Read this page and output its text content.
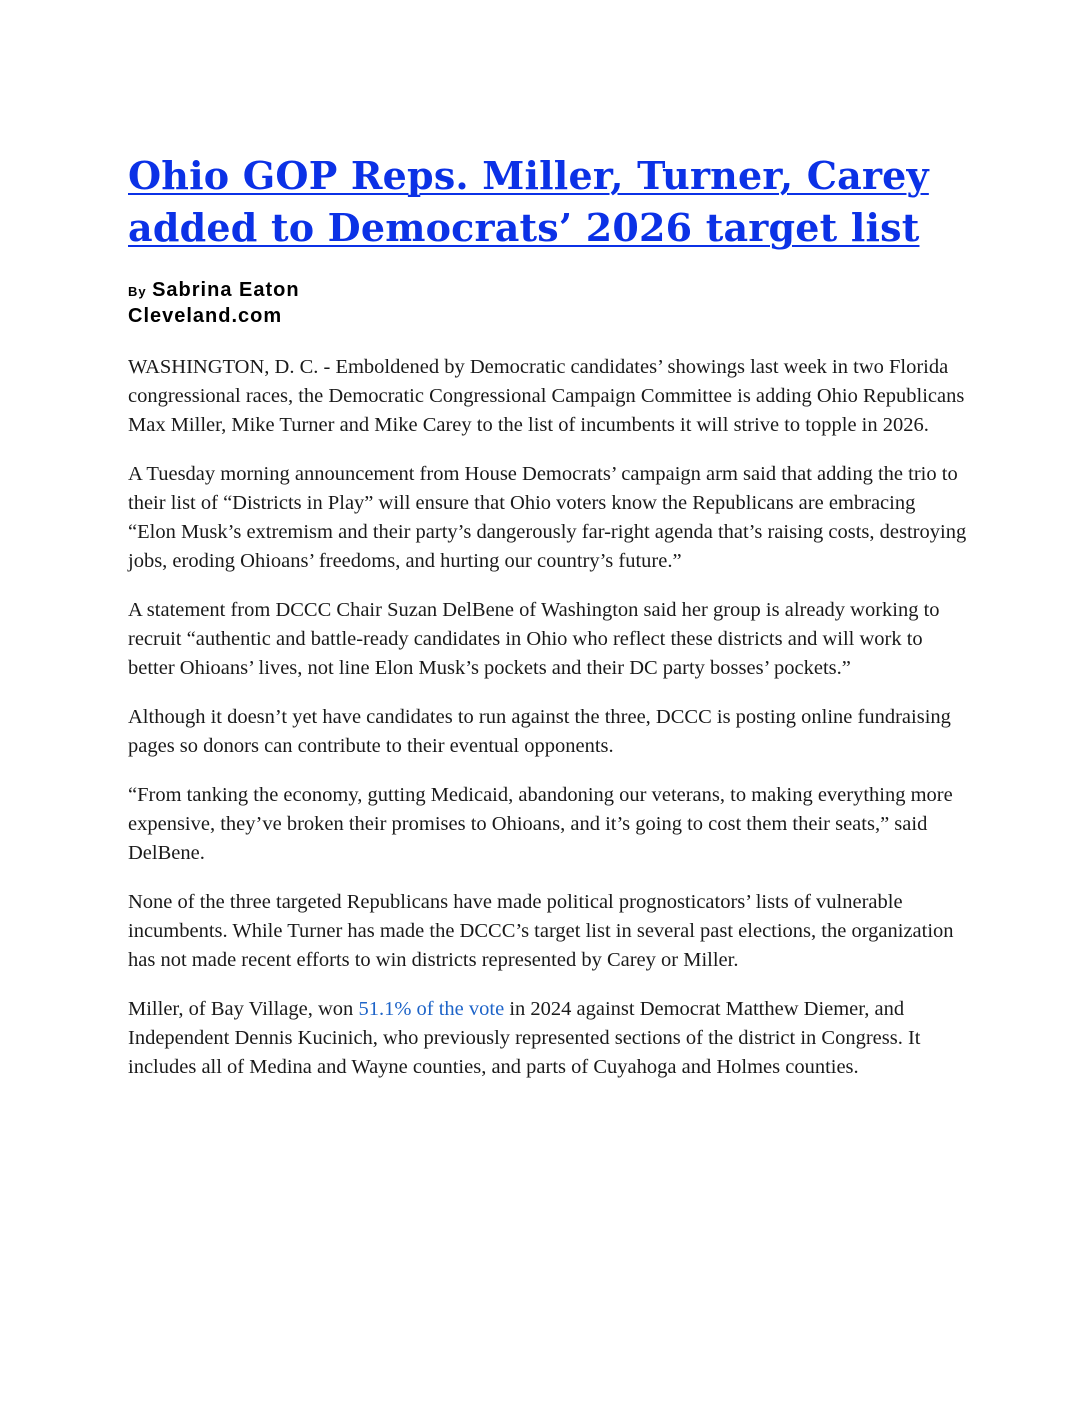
Ohio GOP Reps. Miller, Turner, Carey added to Democrats’ 2026 target list
By Sabrina Eaton
Cleveland.com

WASHINGTON, D. C. - Emboldened by Democratic candidates’ showings last week in two Florida congressional races, the Democratic Congressional Campaign Committee is adding Ohio Republicans Max Miller, Mike Turner and Mike Carey to the list of incumbents it will strive to topple in 2026.

A Tuesday morning announcement from House Democrats’ campaign arm said that adding the trio to their list of “Districts in Play” will ensure that Ohio voters know the Republicans are embracing “Elon Musk’s extremism and their party’s dangerously far-right agenda that’s raising costs, destroying jobs, eroding Ohioans’ freedoms, and hurting our country’s future.”

A statement from DCCC Chair Suzan DelBene of Washington said her group is already working to recruit “authentic and battle-ready candidates in Ohio who reflect these districts and will work to better Ohioans’ lives, not line Elon Musk’s pockets and their DC party bosses’ pockets.”

Although it doesn’t yet have candidates to run against the three, DCCC is posting online fundraising pages so donors can contribute to their eventual opponents.

“From tanking the economy, gutting Medicaid, abandoning our veterans, to making everything more expensive, they’ve broken their promises to Ohioans, and it’s going to cost them their seats,” said DelBene.

None of the three targeted Republicans have made political prognosticators’ lists of vulnerable incumbents. While Turner has made the DCCC’s target list in several past elections, the organization has not made recent efforts to win districts represented by Carey or Miller.

Miller, of Bay Village, won 51.1% of the vote in 2024 against Democrat Matthew Diemer, and Independent Dennis Kucinich, who previously represented sections of the district in Congress. It includes all of Medina and Wayne counties, and parts of Cuyahoga and Holmes counties.
